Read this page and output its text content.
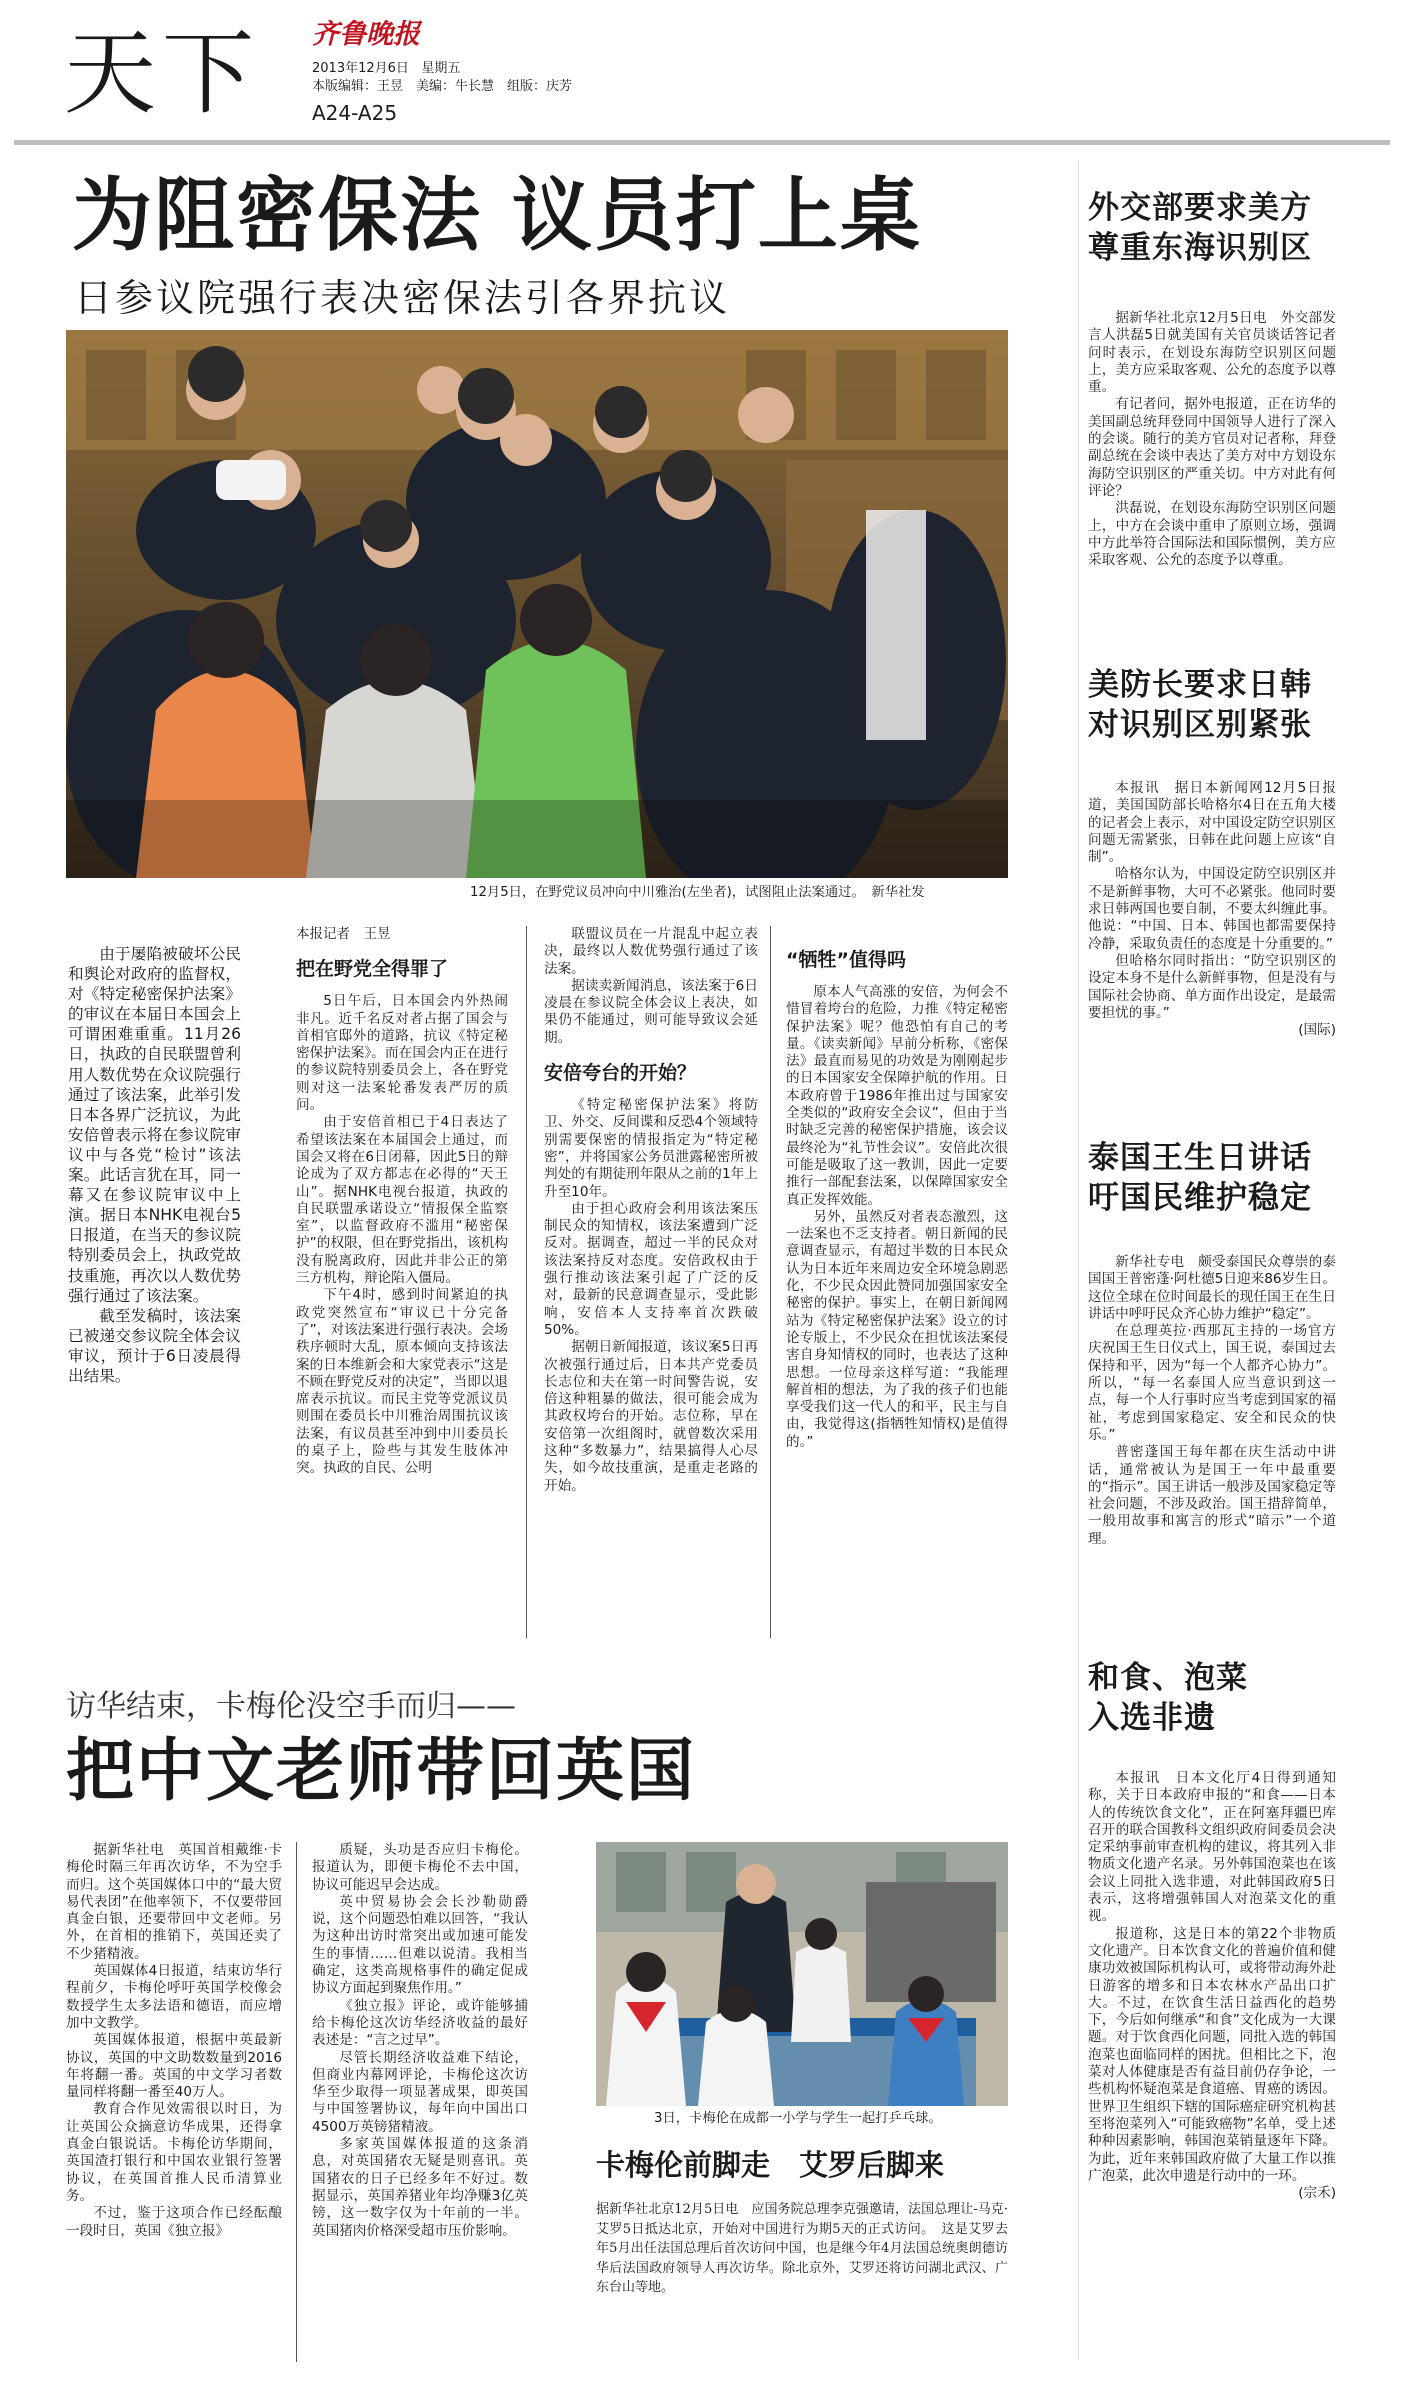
天下 齐鲁晚报
2013年12月6日 星期五
本版编辑：王昱　美编：牛长慧　组版：庆芳
A24-A25
为阻密保法 议员打上桌
日参议院强行表决密保法引各界抗议
12月5日，在野党议员冲向中川雅治(左坐者)，试图阻止法案通过。　新华社发

由于屡陷被破坏公民和舆论对政府的监督权，对《特定秘密保护法案》的审议在本届日本国会上可谓困难重重。11月26日，执政的自民联盟曾利用人数优势在众议院强行通过了该法案，此举引发日本各界广泛抗议，为此安倍曾表示将在参议院审议中与各党“检讨”该法案。此话言犹在耳，同一幕又在参议院审议中上演。据日本NHK电视台5日报道，在当天的参议院特别委员会上，执政党故技重施，再次以人数优势强行通过了该法案。

截至发稿时，该法案已被递交参议院全体会议审议，预计于6日凌晨得出结果。

本报记者　王昱
把在野党全得罪了

5日午后，日本国会内外热闹非凡。近千名反对者占据了国会与首相官邸外的道路，抗议《特定秘密保护法案》。而在国会内正在进行的参议院特别委员会上，各在野党则对这一法案轮番发表严厉的质问。

由于安倍首相已于4日表达了希望该法案在本届国会上通过，而国会又将在6日闭幕，因此5日的辩论成为了双方都志在必得的“天王山”。据NHK电视台报道，执政的自民联盟承诺设立“情报保全监察室”，以监督政府不滥用“秘密保护”的权限，但在野党指出，该机构没有脱离政府，因此并非公正的第三方机构，辩论陷入僵局。

下午4时，感到时间紧迫的执政党突然宣布“审议已十分完备了”，对该法案进行强行表决。会场秩序顿时大乱，原本倾向支持该法案的日本维新会和大家党表示“这是不顾在野党反对的决定”，当即以退席表示抗议。而民主党等党派议员则围在委员长中川雅治周围抗议该法案，有议员甚至冲到中川委员长的桌子上，险些与其发生肢体冲突。执政的自民、公明

联盟议员在一片混乱中起立表决，最终以人数优势强行通过了该法案。

据读卖新闻消息，该法案于6日凌晨在参议院全体会议上表决，如果仍不能通过，则可能导致议会延期。

安倍夸台的开始？

《特定秘密保护法案》将防卫、外交、反间谍和反恐4个领域特别需要保密的情报指定为“特定秘密”，并将国家公务员泄露秘密所被判处的有期徒刑年限从之前的1年上升至10年。

由于担心政府会利用该法案压制民众的知情权，该法案遭到广泛反对。据调查，超过一半的民众对该法案持反对态度。安倍政权由于强行推动该法案引起了广泛的反对，最新的民意调查显示，受此影响，安倍本人支持率首次跌破50%。

据朝日新闻报道，该议案5日再次被强行通过后，日本共产党委员长志位和夫在第一时间警告说，安倍这种粗暴的做法，很可能会成为其政权垮台的开始。志位称，早在安倍第一次组阁时，就曾数次采用这种“多数暴力”，结果搞得人心尽失，如今故技重演，是重走老路的开始。

“牺牲”值得吗

原本人气高涨的安倍，为何会不惜冒着垮台的危险，力推《特定秘密保护法案》呢？他恐怕有自己的考量。《读卖新闻》早前分析称，《密保法》最直而易见的功效是为刚刚起步的日本国家安全保障护航的作用。日本政府曾于1986年推出过与国家安全类似的“政府安全会议”，但由于当时缺乏完善的秘密保护措施，该会议最终沦为“礼节性会议”。安倍此次很可能是吸取了这一教训，因此一定要推行一部配套法案，以保障国家安全真正发挥效能。

另外，虽然反对者表态激烈，这一法案也不乏支持者。朝日新闻的民意调查显示，有超过半数的日本民众认为日本近年来周边安全环境急剧恶化，不少民众因此赞同加强国家安全秘密的保护。事实上，在朝日新闻网站为《特定秘密保护法案》设立的讨论专版上，不少民众在担忧该法案侵害自身知情权的同时，也表达了这种思想。一位母亲这样写道：“我能理解首相的想法，为了我的孩子们也能享受我们这一代人的和平，民主与自由，我觉得这(指牺牲知情权)是值得的。”

访华结束，卡梅伦没空手而归——
把中文老师带回英国

据新华社电　英国首相戴维·卡梅伦时隔三年再次访华，不为空手而归。这个英国媒体口中的“最大贸易代表团”在他率领下，不仅要带回真金白银，还要带回中文老师。另外，在首相的推销下，英国还卖了不少猪精液。

英国媒体4日报道，结束访华行程前夕，卡梅伦呼吁英国学校像会数授学生太多法语和德语，而应增加中文教学。

英国媒体报道，根据中英最新协议，英国的中文助数数量到2016年将翻一番。英国的中文学习者数量同样将翻一番至40万人。

教育合作见效需很以时日，为让英国公众摘意访华成果，还得拿真金白银说话。卡梅伦访华期间，英国渣打银行和中国农业银行签署协议，在英国首推人民币清算业务。

不过，鉴于这项合作已经酝酿一段时日，英国《独立报》

质疑，头功是否应归卡梅伦。报道认为，即便卡梅伦不去中国，协议可能迟早会达成。

英中贸易协会会长沙勒勋爵说，这个问题恐怕难以回答，“我认为这种出访时常突出或加速可能发生的事情……但难以说清。我相当确定，这类高规格事件的确定促成协议方面起到聚焦作用。”

《独立报》评论，或许能够捕给卡梅伦这次访华经济收益的最好表述是：“言之过早”。

尽管长期经济收益难下结论，但商业内幕网评论，卡梅伦这次访华至少取得一项显著成果，即英国与中国签署协议，每年向中国出口4500万英镑猪精液。

多家英国媒体报道的这条消息，对英国猪农无疑是则喜讯。英国猪农的日子已经多年不好过。数据显示，英国养猪业年均净赚3亿英镑，这一数字仅为十年前的一半。英国猪肉价格深受超市压价影响。

3日，卡梅伦在成都一小学与学生一起打乒乓球。
卡梅伦前脚走　艾罗后脚来

据新华社北京12月5日电　应国务院总理李克强邀请，法国总理让-马克·艾罗5日抵达北京，开始对中国进行为期5天的正式访问。　这是艾罗去年5月出任法国总理后首次访问中国，也是继今年4月法国总统奥朗德访华后法国政府领导人再次访华。除北京外，艾罗还将访问湖北武汉、广东台山等地。

外交部要求美方
尊重东海识别区

据新华社北京12月5日电　外交部发言人洪磊5日就美国有关官员谈话答记者问时表示，在划设东海防空识别区问题上，美方应采取客观、公允的态度予以尊重。

有记者问，据外电报道，正在访华的美国副总统拜登同中国领导人进行了深入的会谈。随行的美方官员对记者称，拜登副总统在会谈中表达了美方对中方划设东海防空识别区的严重关切。中方对此有何评论？

洪磊说，在划设东海防空识别区问题上，中方在会谈中重申了原则立场，强调中方此举符合国际法和国际惯例，美方应采取客观、公允的态度予以尊重。

美防长要求日韩
对识别区别紧张

本报讯　据日本新闻网12月5日报道，美国国防部长哈格尔4日在五角大楼的记者会上表示，对中国设定防空识别区问题无需紧张，日韩在此问题上应该“自制”。

哈格尔认为，中国设定防空识别区并不是新鲜事物，大可不必紧张。他同时要求日韩两国也要自制，不要太纠缠此事。他说：“中国、日本、韩国也都需要保持冷静，采取负责任的态度是十分重要的。”

但哈格尔同时指出：“防空识别区的设定本身不是什么新鲜事物，但是没有与国际社会协商、单方面作出设定，是最需要担忧的事。”

(国际)
泰国王生日讲话
吁国民维护稳定

新华社专电　颇受泰国民众尊崇的泰国国王普密蓬·阿杜德5日迎来86岁生日。这位全球在位时间最长的现任国王在生日讲话中呼吁民众齐心协力维护“稳定”。

在总理英拉·西那瓦主持的一场官方庆祝国王生日仪式上，国王说，泰国过去保持和平，因为“每一个人都齐心协力”。所以，“每一名泰国人应当意识到这一点，每一个人行事时应当考虑到国家的福祉，考虑到国家稳定、安全和民众的快乐。”

普密蓬国王每年都在庆生活动中讲话，通常被认为是国王一年中最重要的“指示”。国王讲话一般涉及国家稳定等社会问题，不涉及政治。国王措辞简单，一般用故事和寓言的形式“暗示”一个道理。

和食、泡菜
入选非遗

本报讯　日本文化厅4日得到通知称，关于日本政府申报的“和食——日本人的传统饮食文化”，正在阿塞拜疆巴库召开的联合国教科文组织政府间委员会决定采纳事前审查机构的建议，将其列入非物质文化遗产名录。另外韩国泡菜也在该会议上同批入选非遗，对此韩国政府5日表示，这将增强韩国人对泡菜文化的重视。

报道称，这是日本的第22个非物质文化遗产。日本饮食文化的普遍价值和健康功效被国际机构认可，或将带动海外赴日游客的增多和日本农林水产品出口扩大。不过，在饮食生活日益西化的趋势下，今后如何继承“和食”文化成为一大课题。对于饮食西化问题，同批入选的韩国泡菜也面临同样的困扰。但相比之下，泡菜对人体健康是否有益目前仍存争论，一些机构怀疑泡菜是食道癌、胃癌的诱因。世界卫生组织下辖的国际癌症研究机构甚至将泡菜列入“可能致癌物”名单，受上述种种因素影响，韩国泡菜销量逐年下降。为此，近年来韩国政府做了大量工作以推广泡菜，此次申遗是行动中的一环。

(宗禾)
